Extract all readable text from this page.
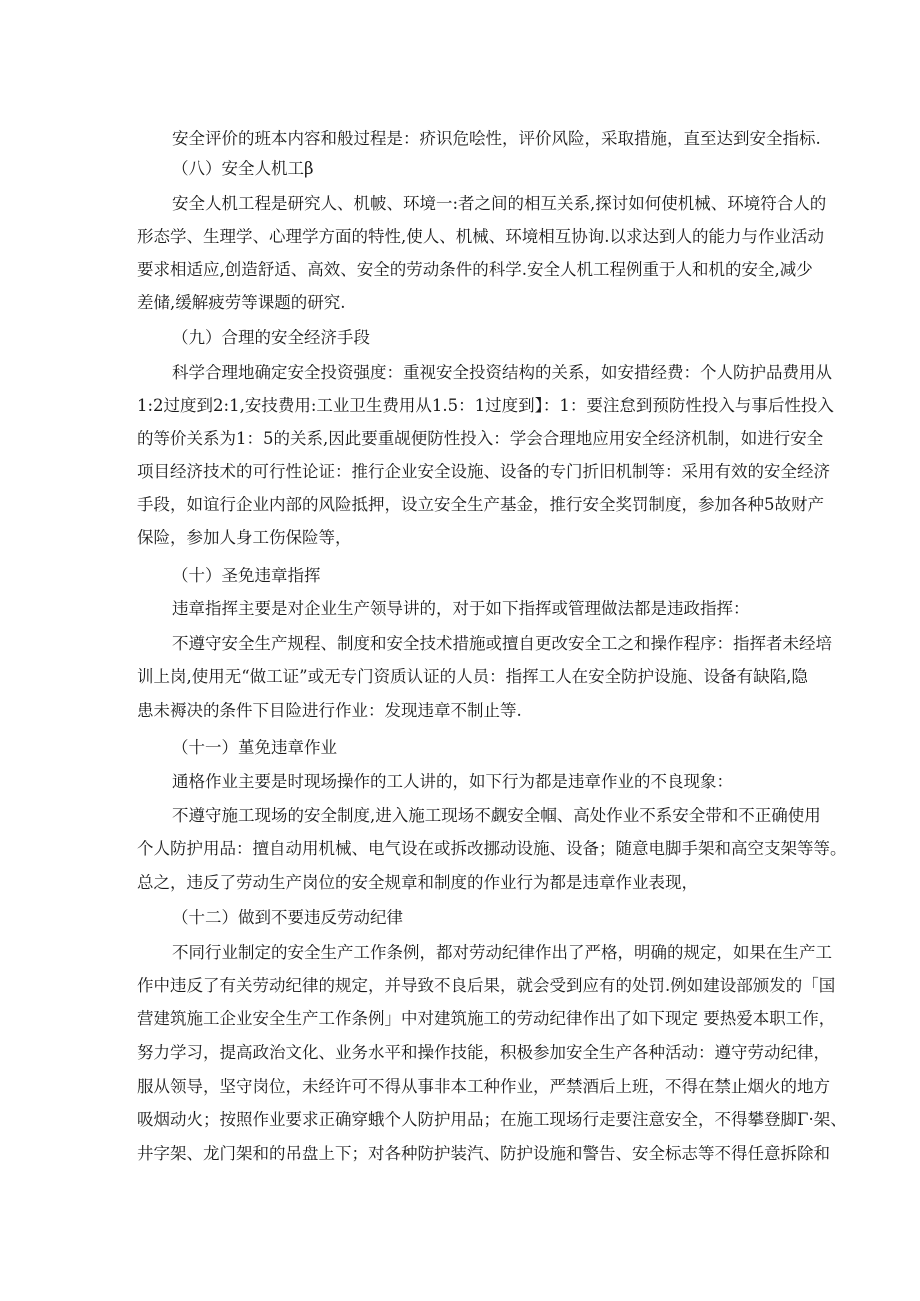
安全评价的班本内容和般过程是：疥识危哙性，评价风险，采取措施，直至达到安全指标.

（八）安全人机工β

安全人机工程是研究人、机帔、环境一:者之间的相互关系,探讨如何使机械、环境符合人的

形态学、生理学、心理学方面的特性,使人、机械、环境相互协询.以求达到人的能力与作业活动

要求相适应,创造舒适、高效、安全的劳动条件的科学.安全人机工程例重于人和机的安全,减少

差储,缓解疲劳等课题的研究.

（九）合理的安全经济手段

科学合理地确定安全投资强度：重视安全投资结构的关系，如安措经费：个人防护品费用从

1:2过度到2:1,安技费用:工业卫生费用从1.5：1过度到】：1：要注怠到预防性投入与事后性投入

的等价关系为1：5的关系,因此要重觇便防性投入：学会合理地应用安全经济机制，如进行安全

项目经济技术的可行性论证：推行企业安全设施、设备的专门折旧机制等：采用有效的安全经济

手段，如谊行企业内部的风险抵押，设立安全生产基金，推行安全奖罚制度，参加各种5故财产

保险，参加人身工伤保险等，

（十）圣免违章指挥

违章指挥主要是对企业生产领导讲的，对于如下指挥或管理做法都是违政指挥：

不遵守安全生产规程、制度和安全技术措施或擅自更改安全工之和操作程序：指挥者未经培

训上岗,使用无“做工证”或无专门资质认证的人员：指挥工人在安全防护设施、设备有缺陷,隐

患未褥决的条件下目险进行作业：发现违章不制止等.

（十一）堇免违章作业

通格作业主要是时现场操作的工人讲的，如下行为都是违章作业的不良现象：

不遵守施工现场的安全制度,进入施工现场不觑安全帼、高处作业不系安全带和不正确使用

个人防护用品：擅自动用机械、电气设在或拆改挪动设施、设备；随意电脚手架和高空支架等等。

总之，违反了劳动生产岗位的安全规章和制度的作业行为都是违章作业表现，

（十二）做到不要违反劳动纪律

不同行业制定的安全生产工作条例，都对劳动纪律作出了严格，明确的规定，如果在生产工

作中违反了有关劳动纪律的规定，并导致不良后果，就会受到应有的处罚.例如建设部颁发的「国

营建筑施工企业安全生产工作条例」中对建筑施工的劳动纪律作出了如下现定 要热爱本职工作，

努力学习，提高政治文化、业务水平和操作技能，积极参加安全生产各种活动：遵守劳动纪律，

服从领导，坚守岗位，未经许可不得从事非本工种作业，严禁酒后上班，不得在禁止烟火的地方

吸烟动火；按照作业要求正确穿蛾个人防护用品；在施工现场行走要注意安全，不得攀登脚Γ·架、

井字架、龙门架和的吊盘上下；对各种防护装汽、防护设施和警告、安全标志等不得任意拆除和
